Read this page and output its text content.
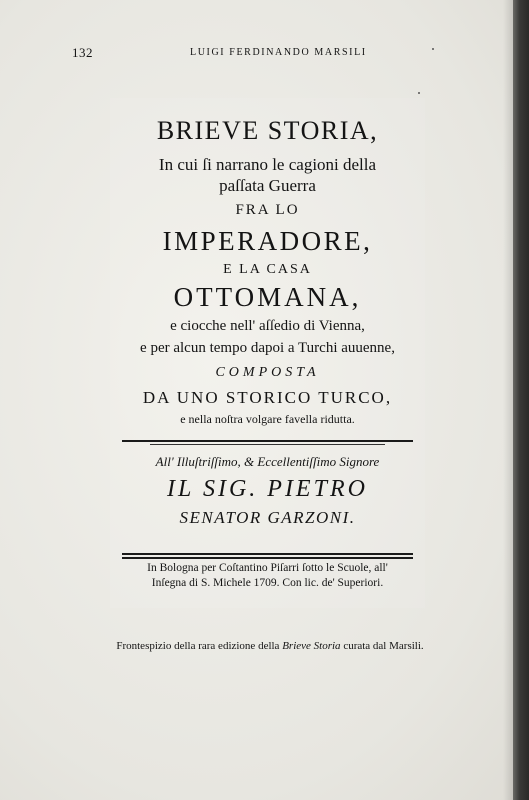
132	LUIGI FERDINANDO MARSILI
BRIEVE STORIA,
In cui ſi narrano le cagioni della
paſſata Guerra
FRA LO
IMPERADORE,
E LA CASA
OTTOMANA,
e ciocche nell' aſſedio di Vienna,
e per alcun tempo dapoi a Turchi auuenne,
COMPOSTA
DA UNO STORICO TURCO,
e nella noſtra volgare favella ridutta.
All' Illuſtriſſimo, & Eccellentiſſimo Signore
IL SIG. PIETRO
SENATOR GARZONI.
In Bologna per Coſtantino Piſarri ſotto le Scuole, all'
Inſegna di S. Michele 1709. Con lic. de' Superiori.
Frontespizio della rara edizione della Brieve Storia curata dal Marsili.
